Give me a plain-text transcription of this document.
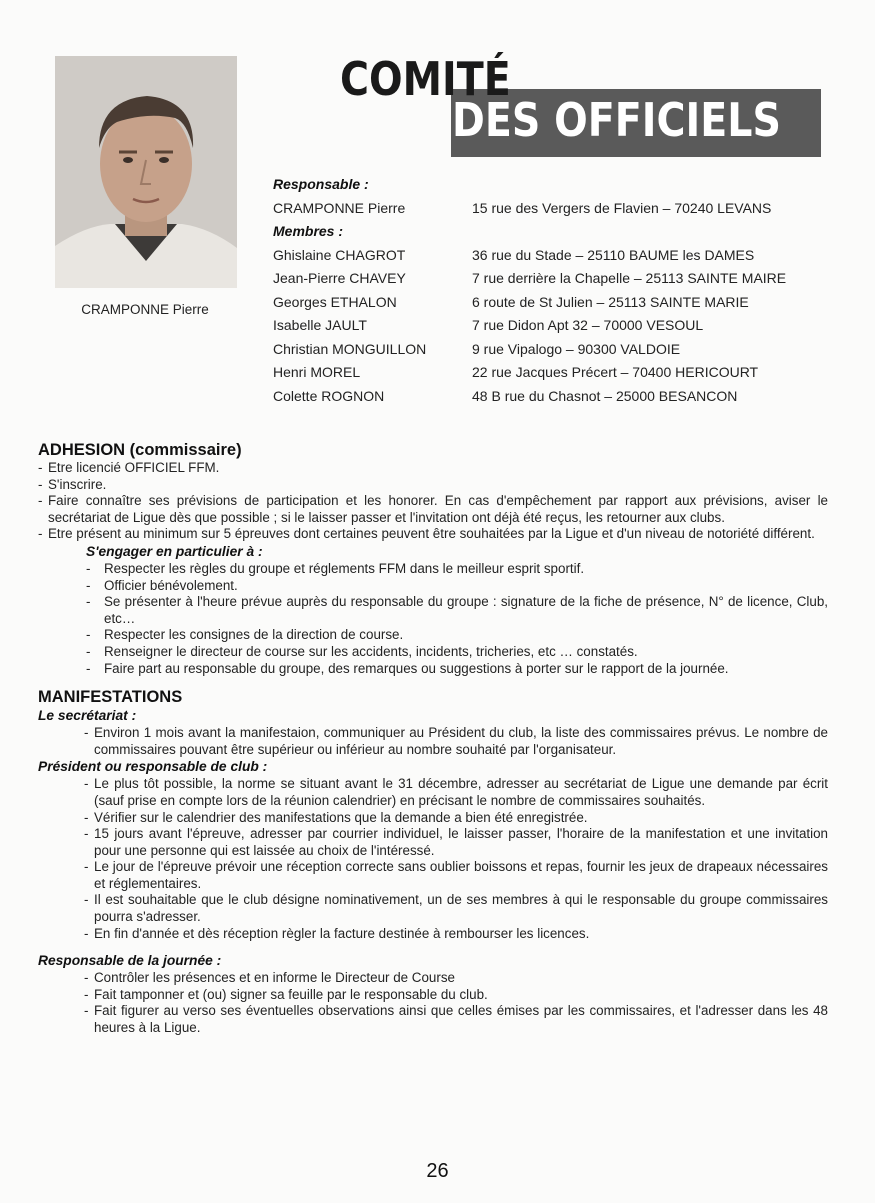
CRAMPONNE Pierre
COMITÉ
DES OFFICIELS
Responsable :
CRAMPONNE Pierre	15 rue des Vergers de Flavien – 70240 LEVANS
Membres :
Ghislaine CHAGROT	36 rue du Stade – 25110 BAUME les DAMES
Jean-Pierre CHAVEY	7 rue derrière la Chapelle – 25113 SAINTE MAIRE
Georges ETHALON	6 route de St Julien – 25113 SAINTE MARIE
Isabelle JAULT	7 rue Didon Apt 32 – 70000 VESOUL
Christian MONGUILLON	9 rue Vipalogo – 90300 VALDOIE
Henri MOREL	22 rue Jacques Précert – 70400 HERICOURT
Colette ROGNON	48 B rue du Chasnot – 25000 BESANCON
ADHESION (commissaire)
- Etre licencié OFFICIEL FFM.
- S'inscrire.
- Faire connaître ses prévisions de participation et les honorer. En cas d'empêchement par rapport aux prévisions, aviser le secrétariat de Ligue dès que possible ; si le laisser passer et l'invitation ont déjà été reçus, les retourner aux clubs.
- Etre présent au minimum sur 5 épreuves dont certaines peuvent être souhaitées par la Ligue et d'un niveau de notoriété différent.
S'engager en particulier à :
- Respecter les règles du groupe et réglements FFM dans le meilleur esprit sportif.
- Officier bénévolement.
- Se présenter à l'heure prévue auprès du responsable du groupe : signature de la fiche de présence, N° de licence, Club, etc…
- Respecter les consignes de la direction de course.
- Renseigner le directeur de course sur les accidents, incidents, tricheries, etc … constatés.
- Faire part au responsable du groupe, des remarques ou suggestions à porter sur le rapport de la journée.
MANIFESTATIONS
Le secrétariat :
- Environ 1 mois avant la manifestaion, communiquer au Président du club, la liste des commissaires prévus. Le nombre de commissaires pouvant être supérieur ou inférieur au nombre souhaité par l'organisateur.
Président ou responsable de club :
- Le plus tôt possible, la norme se situant avant le 31 décembre, adresser au secrétariat de Ligue une demande par écrit (sauf prise en compte lors de la réunion calendrier) en précisant le nombre de commissaires souhaités.
- Vérifier sur le calendrier des manifestations que la demande a bien été enregistrée.
- 15 jours avant l'épreuve, adresser par courrier individuel, le laisser passer, l'horaire de la manifestation et une invitation pour une personne qui est laissée au choix de l'intéressé.
- Le jour de l'épreuve prévoir une réception correcte sans oublier boissons et repas, fournir les jeux de drapeaux nécessaires et réglementaires.
- Il est souhaitable que le club désigne nominativement, un de ses membres à qui le responsable du groupe commissaires pourra s'adresser.
- En fin d'année et dès réception règler la facture destinée à rembourser les licences.
Responsable de la journée :
- Contrôler les présences et en informe le Directeur de Course
- Fait tamponner et (ou) signer sa feuille par le responsable du club.
- Fait figurer au verso ses éventuelles observations ainsi que celles émises par les commissaires, et l'adresser dans les 48 heures à la Ligue.
26
